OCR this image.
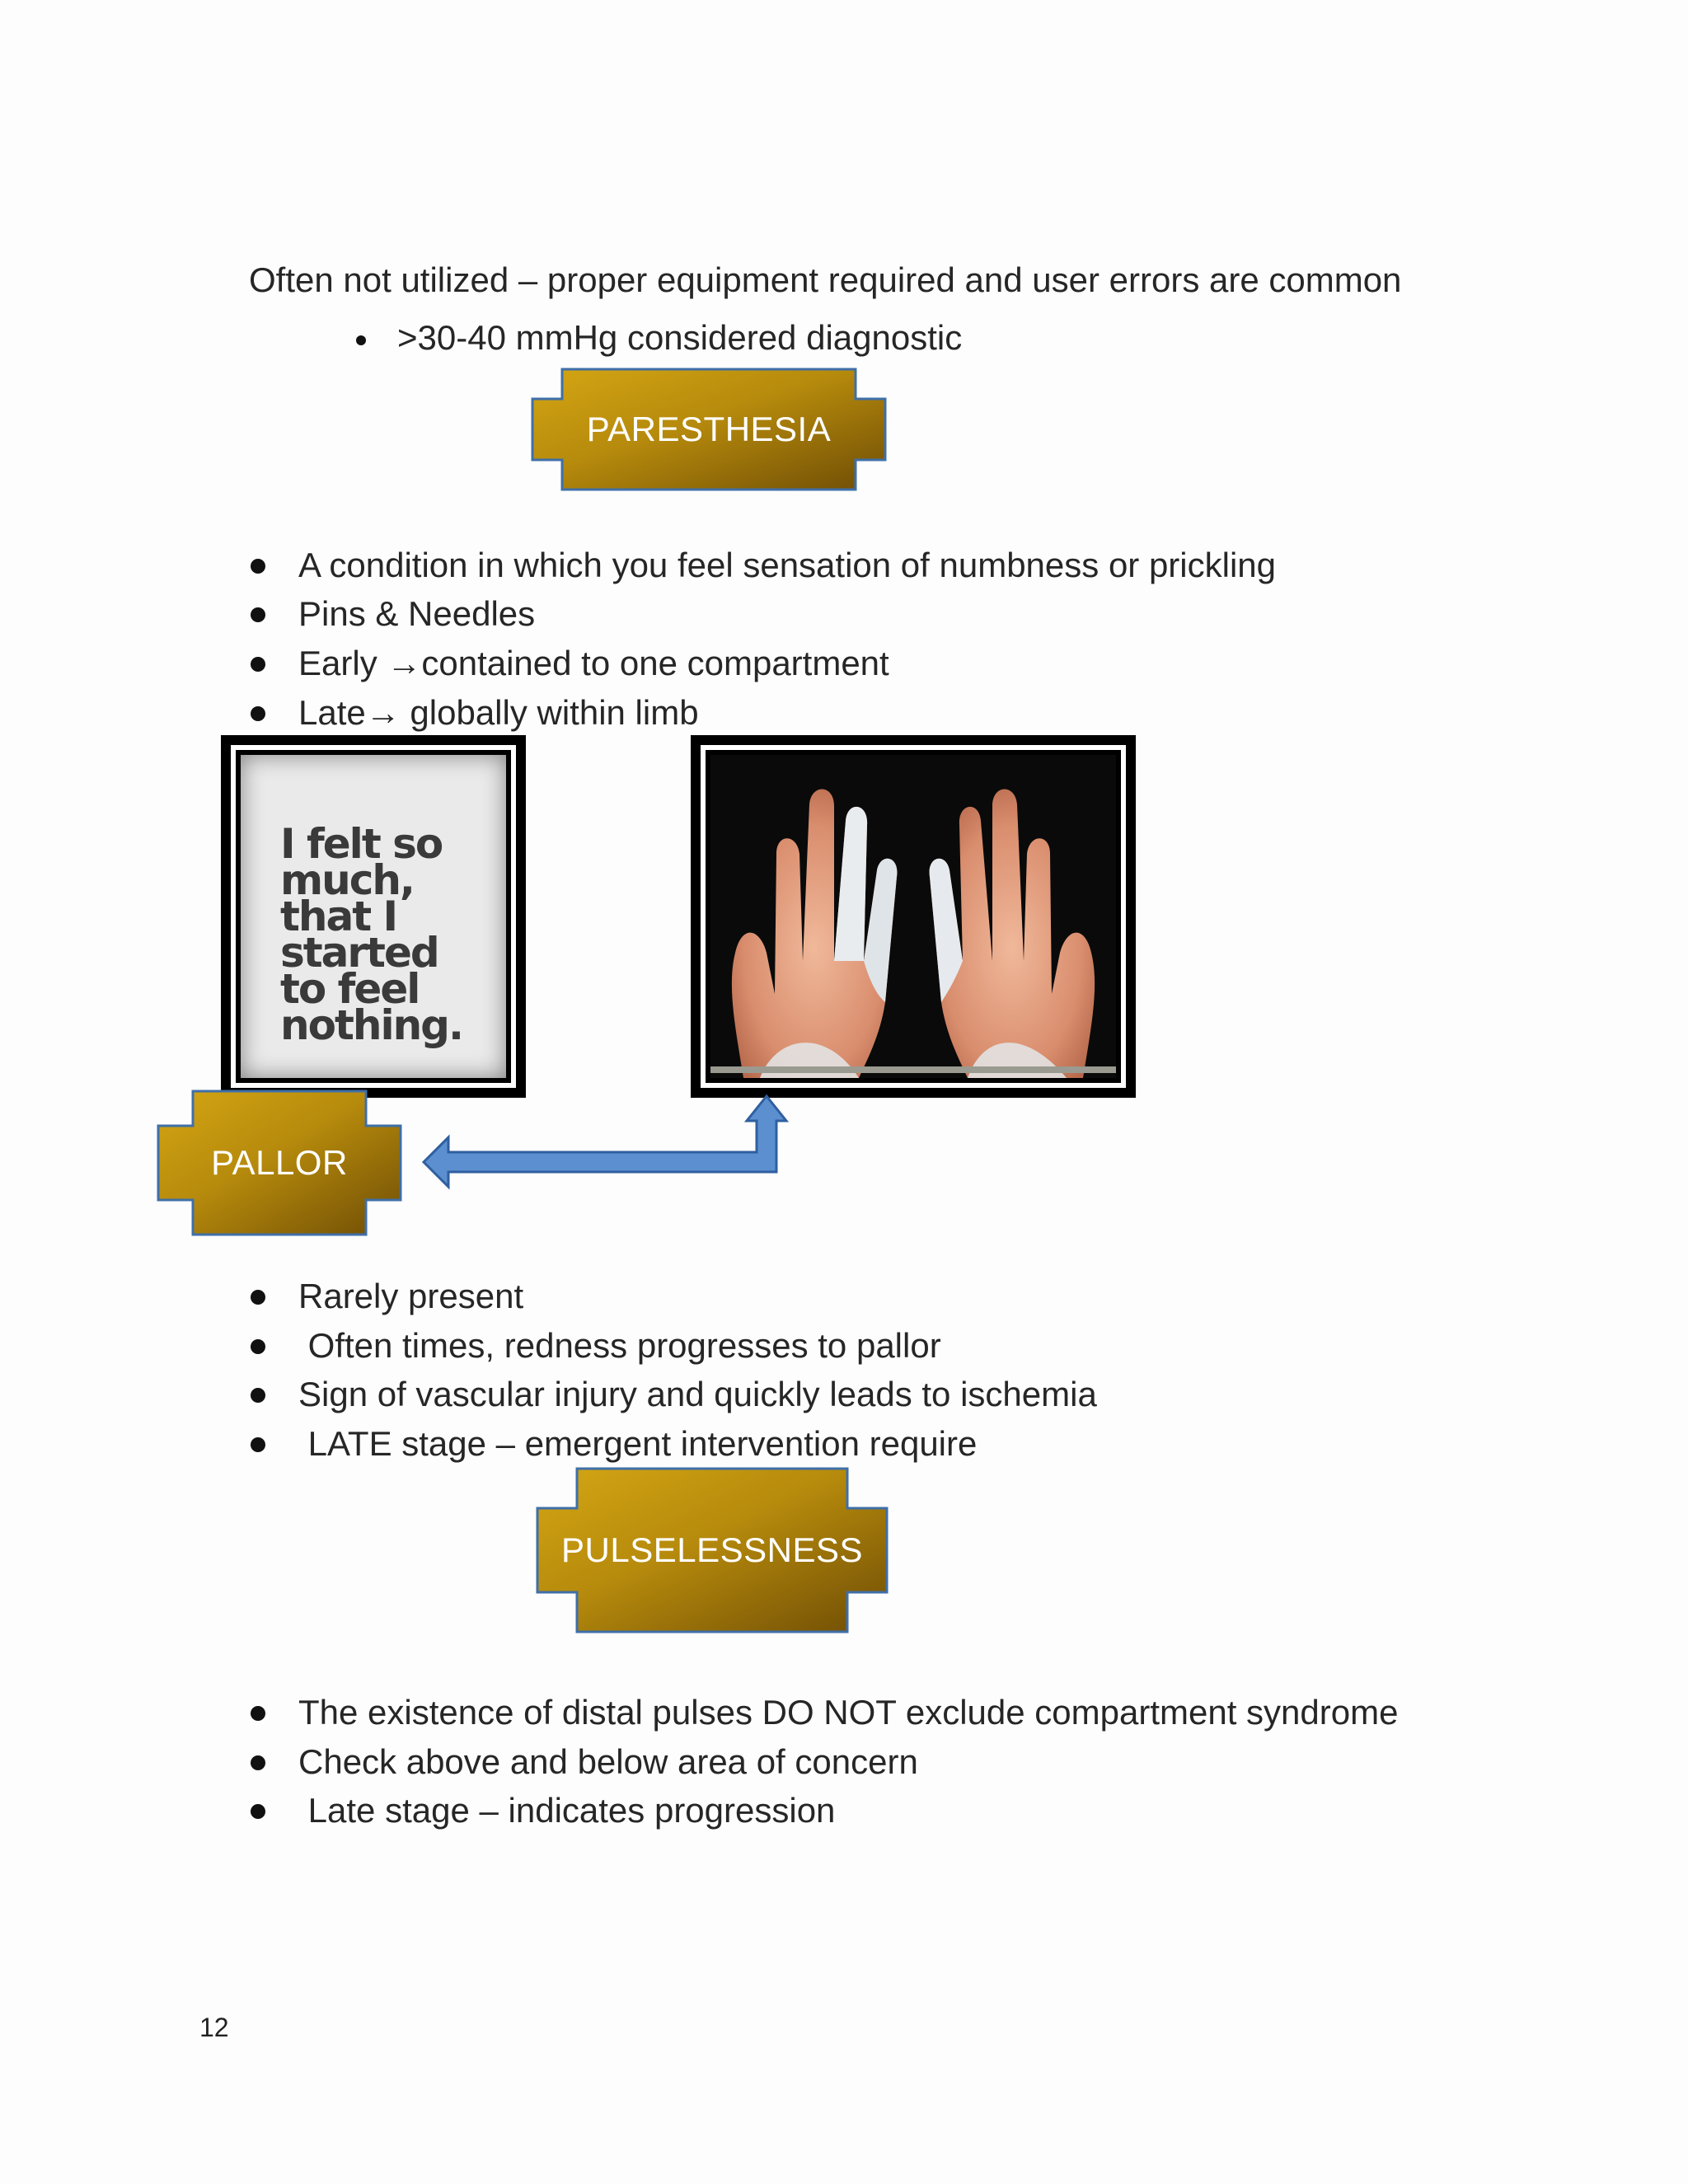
Often not utilized – proper equipment required and user errors are common
>30-40 mmHg considered diagnostic
PARESTHESIA
A condition in which you feel sensation of numbness or prickling
Pins & Needles
Early →contained to one compartment
Late→ globally within limb
I felt so
much,
that I
started
to feel
nothing.
PALLOR
Rarely present
Often times, redness progresses to pallor
Sign of vascular injury and quickly leads to ischemia
LATE stage – emergent intervention require
PULSELESSNESS
The existence of distal pulses DO NOT exclude compartment syndrome
Check above and below area of concern
Late stage – indicates progression
12
